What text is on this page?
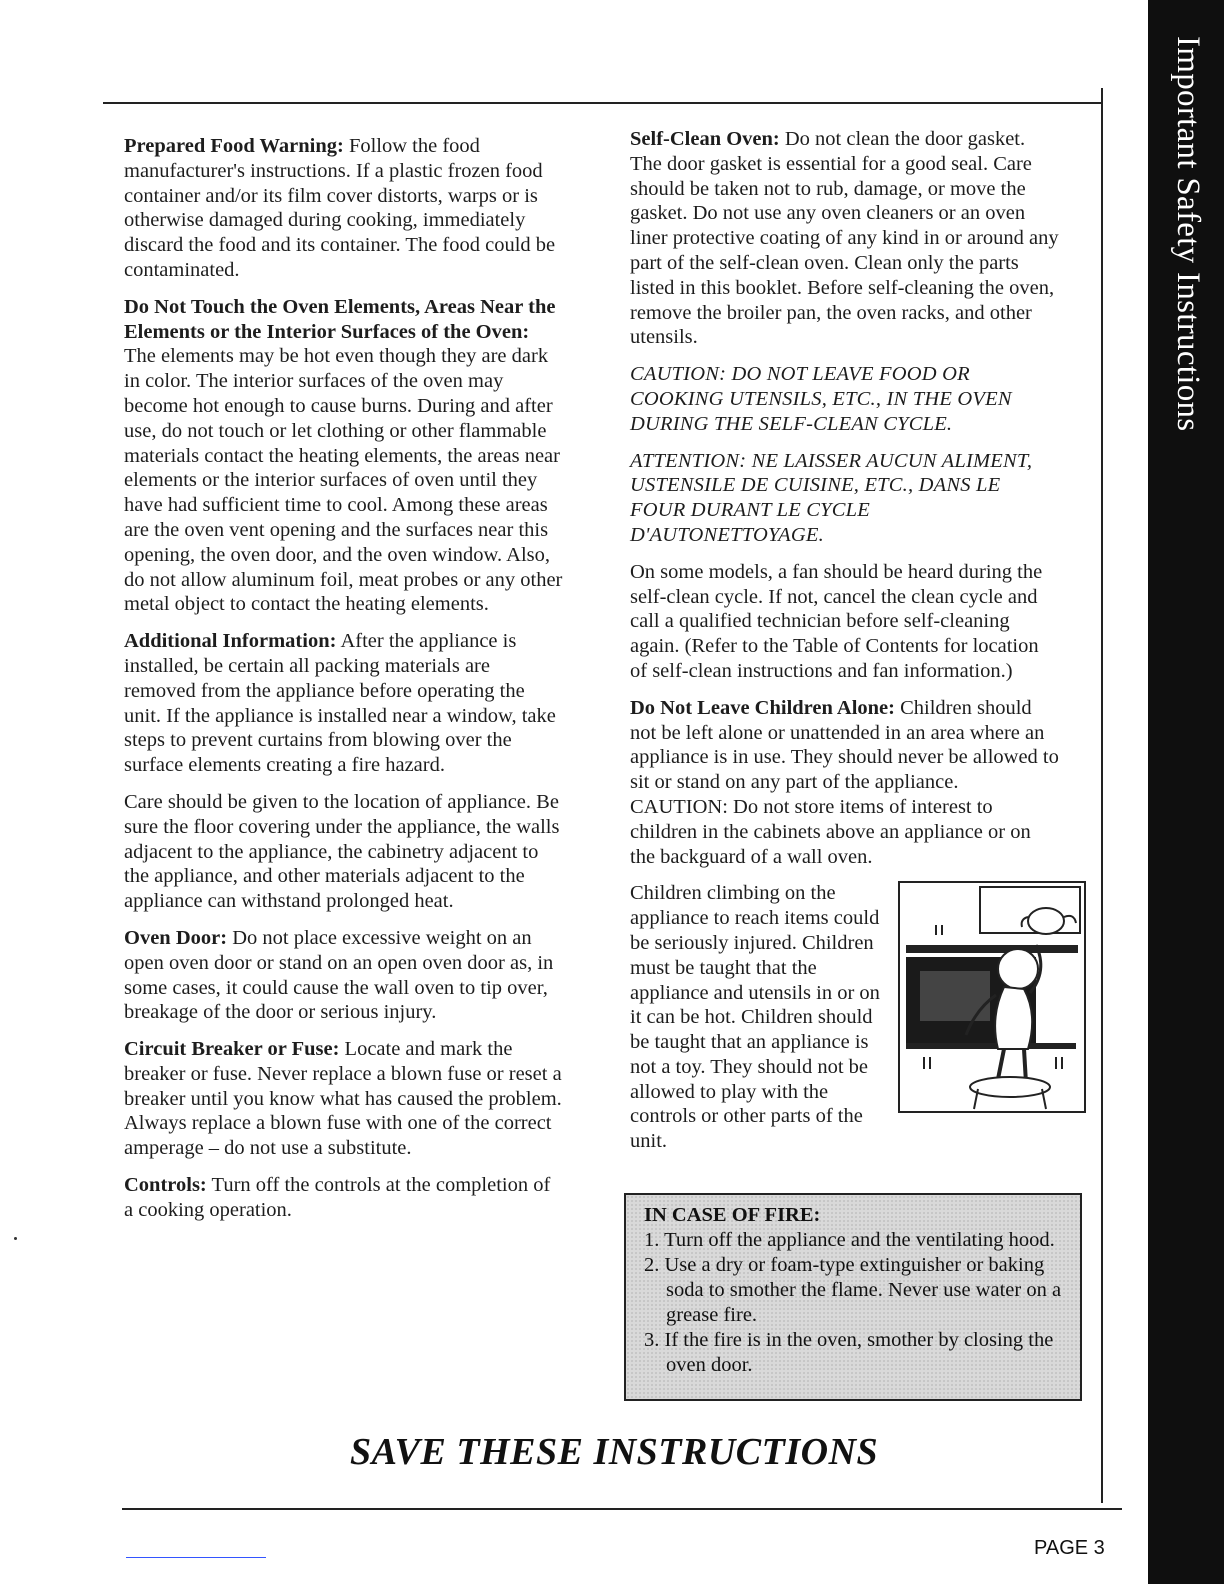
Important Safety Instructions

Prepared Food Warning: Follow the food manufacturer's instructions. If a plastic frozen food container and/or its film cover distorts, warps or is otherwise damaged during cooking, immediately discard the food and its container. The food could be contaminated.

Do Not Touch the Oven Elements, Areas Near the Elements or the Interior Surfaces of the Oven: The elements may be hot even though they are dark in color. The interior surfaces of the oven may become hot enough to cause burns. During and after use, do not touch or let clothing or other flammable materials contact the heating elements, the areas near elements or the interior surfaces of oven until they have had sufficient time to cool. Among these areas are the oven vent opening and the surfaces near this opening, the oven door, and the oven window. Also, do not allow aluminum foil, meat probes or any other metal object to contact the heating elements.

Additional Information: After the appliance is installed, be certain all packing materials are removed from the appliance before operating the unit. If the appliance is installed near a window, take steps to prevent curtains from blowing over the surface elements creating a fire hazard.

Care should be given to the location of appliance. Be sure the floor covering under the appliance, the walls adjacent to the appliance, the cabinetry adjacent to the appliance, and other materials adjacent to the appliance can withstand prolonged heat.

Oven Door: Do not place excessive weight on an open oven door or stand on an open oven door as, in some cases, it could cause the wall oven to tip over, breakage of the door or serious injury.

Circuit Breaker or Fuse: Locate and mark the breaker or fuse. Never replace a blown fuse or reset a breaker until you know what has caused the problem. Always replace a blown fuse with one of the correct amperage – do not use a substitute.

Controls: Turn off the controls at the completion of a cooking operation.

Self-Clean Oven: Do not clean the door gasket. The door gasket is essential for a good seal. Care should be taken not to rub, damage, or move the gasket. Do not use any oven cleaners or an oven liner protective coating of any kind in or around any part of the self-clean oven. Clean only the parts listed in this booklet. Before self-cleaning the oven, remove the broiler pan, the oven racks, and other utensils.

CAUTION: DO NOT LEAVE FOOD OR COOKING UTENSILS, ETC., IN THE OVEN DURING THE SELF-CLEAN CYCLE.

ATTENTION: NE LAISSER AUCUN ALIMENT, USTENSILE DE CUISINE, ETC., DANS LE FOUR DURANT LE CYCLE D'AUTONETTOYAGE.

On some models, a fan should be heard during the self-clean cycle. If not, cancel the clean cycle and call a qualified technician before self-cleaning again. (Refer to the Table of Contents for location of self-clean instructions and fan information.)

Do Not Leave Children Alone: Children should not be left alone or unattended in an area where an appliance is in use. They should never be allowed to sit or stand on any part of the appliance. CAUTION: Do not store items of interest to children in the cabinets above an appliance or on the backguard of a wall oven.

Children climbing on the appliance to reach items could be seriously injured. Children must be taught that the appliance and utensils in or on it can be hot. Children should be taught that an appliance is not a toy. They should not be allowed to play with the controls or other parts of the unit.

IN CASE OF FIRE:
1. Turn off the appliance and the ventilating hood.
2. Use a dry or foam-type extinguisher or baking soda to smother the flame. Never use water on a grease fire.
3. If the fire is in the oven, smother by closing the oven door.
SAVE THESE INSTRUCTIONS
PAGE 3
